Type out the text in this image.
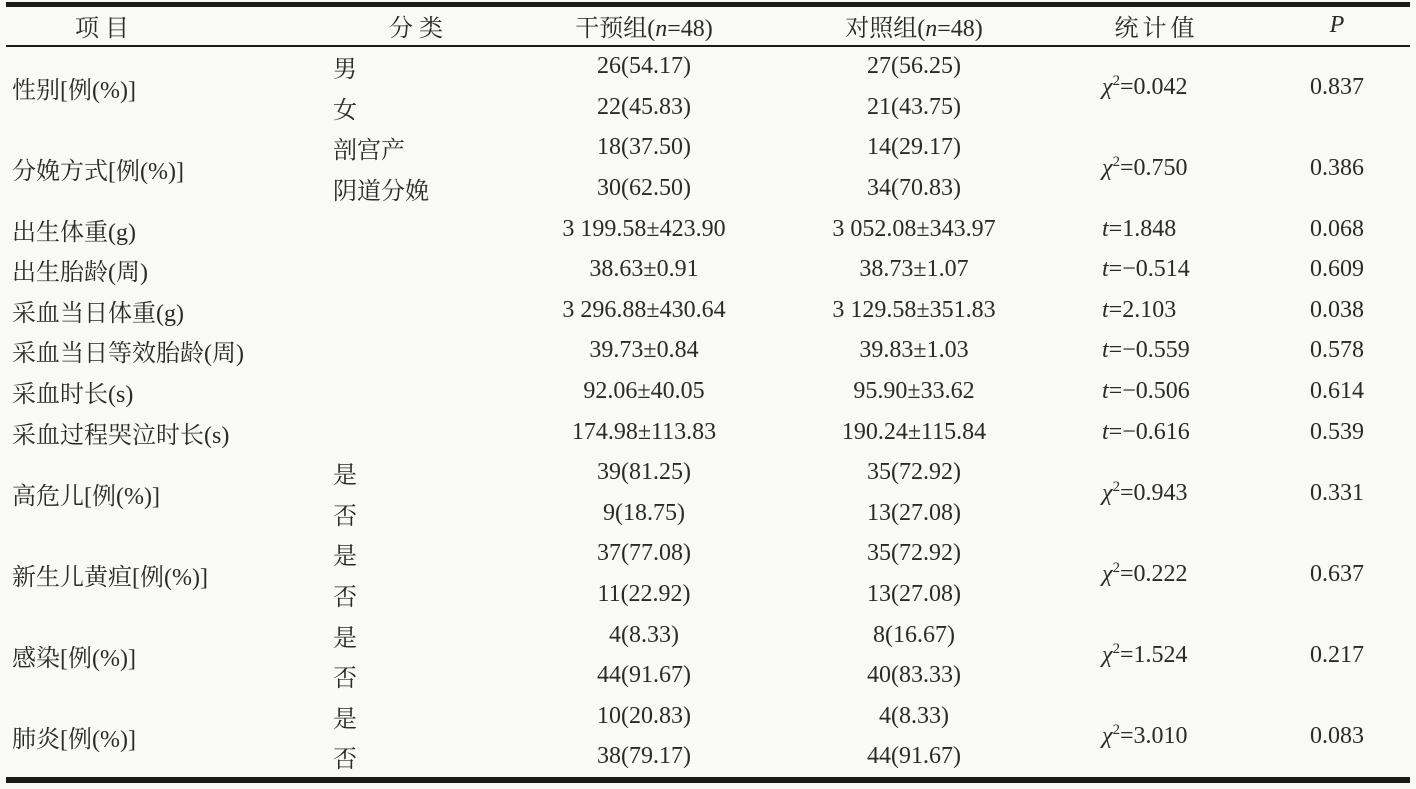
项目	分类	干预组(n=48)	对照组(n=48)	统计值	P
性别[例(%)]	男	26(54.17)	27(56.25)	$\chi^2=0.042$	0.837
	女	22(45.83)	21(43.75)		
分娩方式[例(%)]	剖宫产	18(37.50)	14(29.17)	$\chi^2=0.750$	0.386
	阴道分娩	30(62.50)	34(70.83)		
出生体重(g)		3 199.58±423.90	3 052.08±343.97	t=1.848	0.068
出生胎龄(周)		38.63±0.91	38.73±1.07	t=−0.514	0.609
采血当日体重(g)		3 296.88±430.64	3 129.58±351.83	t=2.103	0.038
采血当日等效胎龄(周)		39.73±0.84	39.83±1.03	t=−0.559	0.578
采血时长(s)		92.06±40.05	95.90±33.62	t=−0.506	0.614
采血过程哭泣时长(s)		174.98±113.83	190.24±115.84	t=−0.616	0.539
高危儿[例(%)]	是	39(81.25)	35(72.92)	$\chi^2=0.943$	0.331
	否	9(18.75)	13(27.08)		
新生儿黄疸[例(%)]	是	37(77.08)	35(72.92)	$\chi^2=0.222$	0.637
	否	11(22.92)	13(27.08)		
感染[例(%)]	是	4(8.33)	8(16.67)	$\chi^2=1.524$	0.217
	否	44(91.67)	40(83.33)		
肺炎[例(%)]	是	10(20.83)	4(8.33)	$\chi^2=3.010$	0.083
	否	38(79.17)	44(91.67)		
